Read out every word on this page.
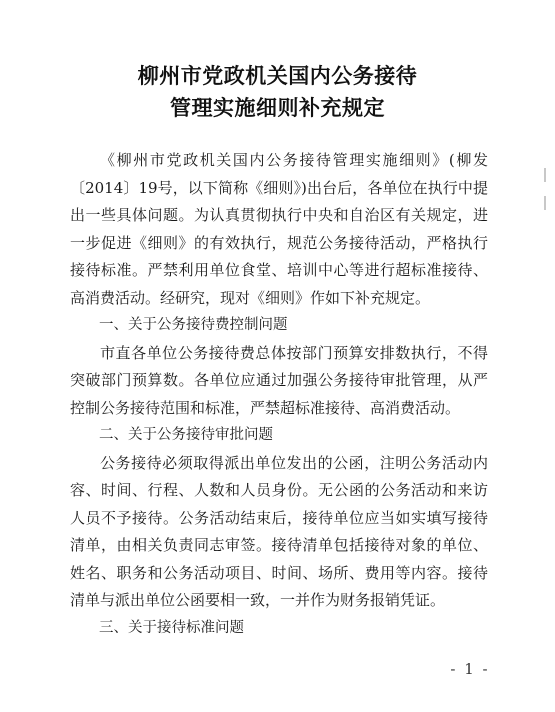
柳州市党政机关国内公务接待
管理实施细则补充规定

《柳州市党政机关国内公务接待管理实施细则》(柳发〔2014〕19号，以下简称《细则》)出台后，各单位在执行中提出一些具体问题。为认真贯彻执行中央和自治区有关规定，进一步促进《细则》的有效执行，规范公务接待活动，严格执行接待标准。严禁利用单位食堂、培训中心等进行超标准接待、高消费活动。经研究，现对《细则》作如下补充规定。

一、关于公务接待费控制问题

市直各单位公务接待费总体按部门预算安排数执行，不得突破部门预算数。各单位应通过加强公务接待审批管理，从严控制公务接待范围和标准，严禁超标准接待、高消费活动。

二、关于公务接待审批问题

公务接待必须取得派出单位发出的公函，注明公务活动内容、时间、行程、人数和人员身份。无公函的公务活动和来访人员不予接待。公务活动结束后，接待单位应当如实填写接待清单，由相关负责同志审签。接待清单包括接待对象的单位、姓名、职务和公务活动项目、时间、场所、费用等内容。接待清单与派出单位公函要相一致，一并作为财务报销凭证。

三、关于接待标准问题

- 1 -
